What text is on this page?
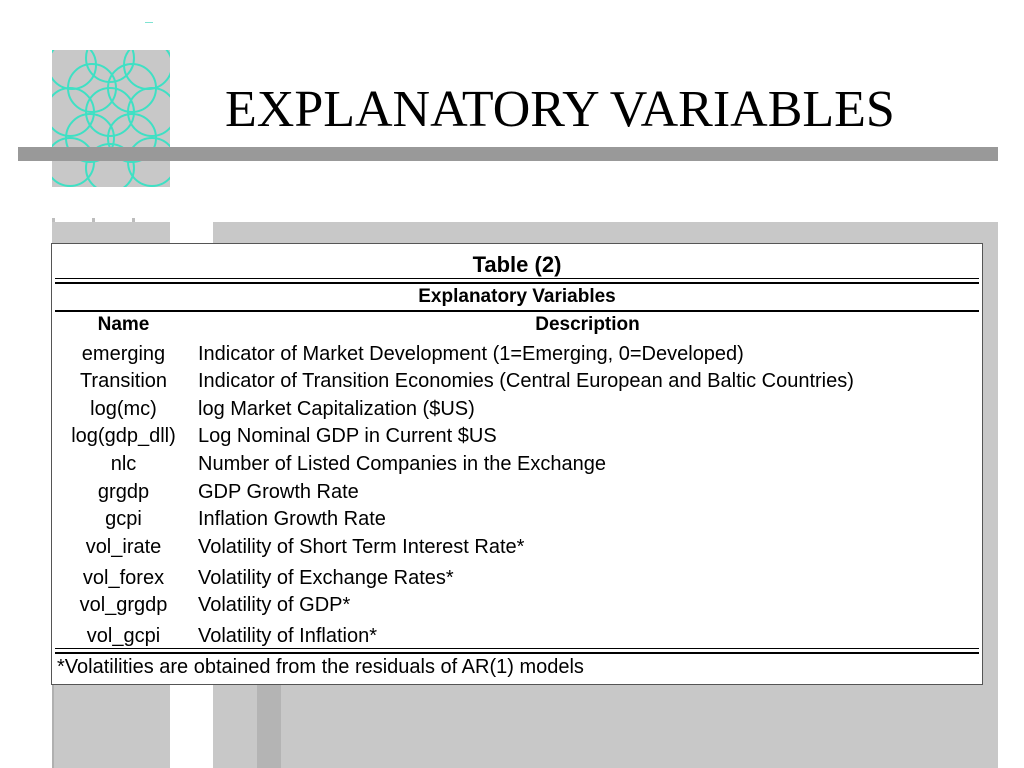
EXPLANATORY VARIABLES
Table (2)
Explanatory Variables
Name	Description
emerging	Indicator of Market Development (1=Emerging, 0=Developed)
Transition	Indicator of Transition Economies (Central European and Baltic Countries)
log(mc)	log Market Capitalization ($US)
log(gdp_dll)	Log Nominal GDP in Current $US
nlc	Number of Listed Companies in the Exchange
grgdp	GDP Growth Rate
gcpi	Inflation Growth Rate
vol_irate	Volatility of Short Term Interest Rate*
vol_forex	Volatility of Exchange Rates*
vol_grgdp	Volatility of GDP*
vol_gcpi	Volatility of Inflation*
*Volatilities are obtained from the residuals of AR(1) models
